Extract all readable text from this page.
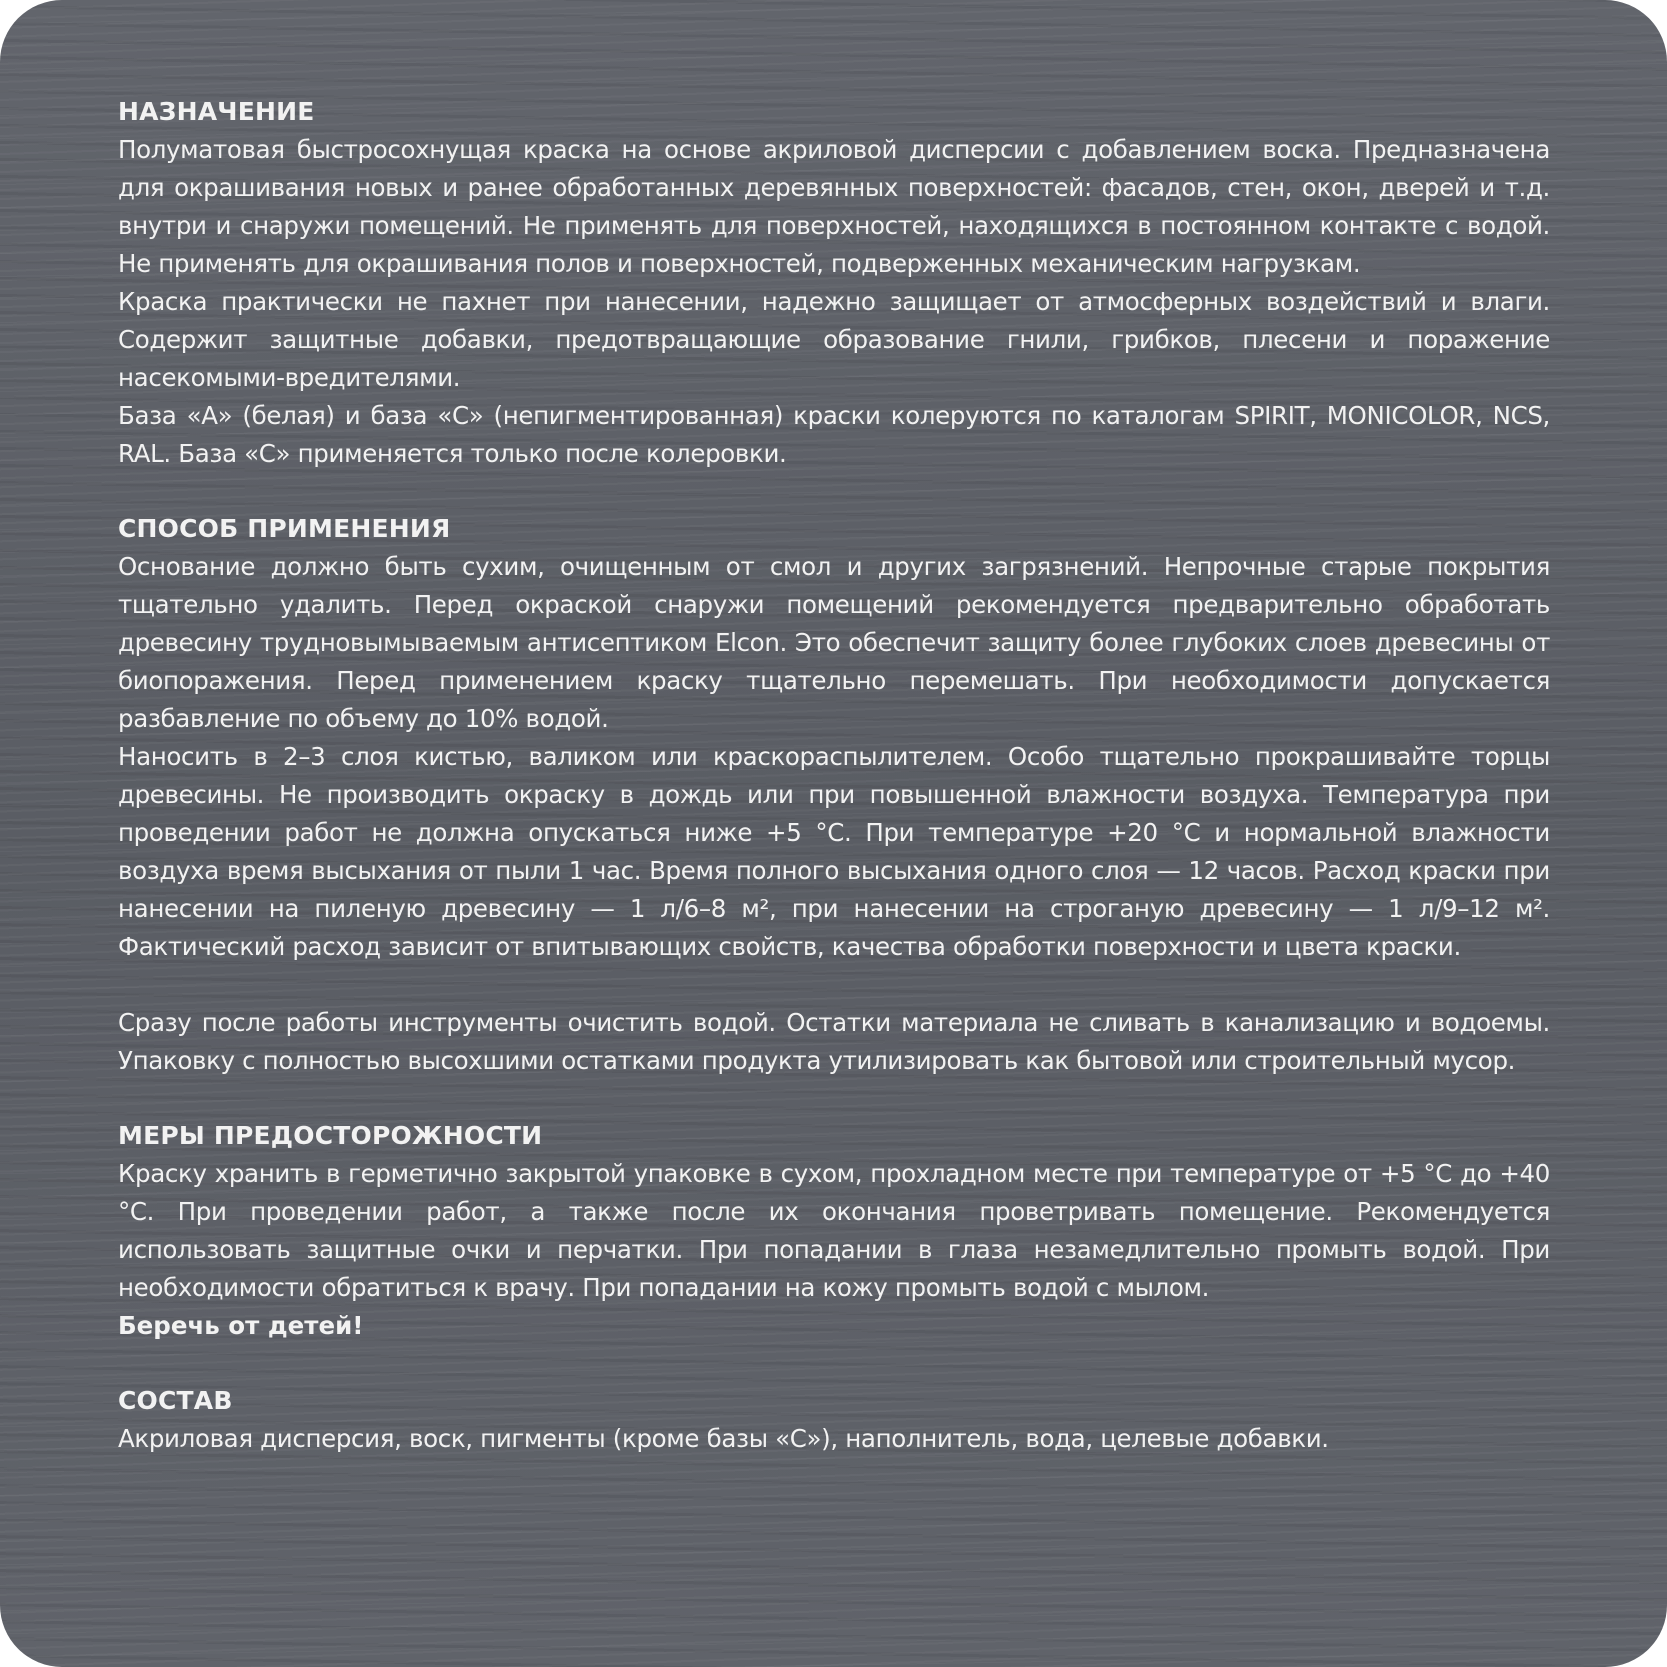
НАЗНАЧЕНИЕ

Полуматовая быстросохнущая краска на основе акриловой дисперсии с добавлением воска. Предназначена для окрашивания новых и ранее обработанных деревянных поверхностей: фасадов, стен, окон, дверей и т.д. внутри и снаружи помещений. Не применять для поверхностей, находящихся в постоянном контакте с водой. Не применять для окрашивания полов и поверхностей, подверженных механическим нагрузкам.

Краска практически не пахнет при нанесении, надежно защищает от атмосферных воздействий и влаги. Содержит защитные добавки, предотвращающие образование гнили, грибков, плесени и поражение насекомыми-вредителями.

База «А» (белая) и база «С» (непигментированная) краски колеруются по каталогам SPIRIT, MONICOLOR, NCS, RAL. База «С» применяется только после колеровки.

СПОСОБ ПРИМЕНЕНИЯ

Основание должно быть сухим, очищенным от смол и других загрязнений. Непрочные старые покрытия тщательно удалить. Перед окраской снаружи помещений рекомендуется предварительно обработать древесину трудновымываемым антисептиком Elcon. Это обеспечит защиту более глубоких слоев древесины от биопоражения. Перед применением краску тщательно перемешать. При необходимости допускается разбавление по объему до 10% водой.

Наносить в 2–3 слоя кистью, валиком или краскораспылителем. Особо тщательно прокрашивайте торцы древесины. Не производить окраску в дождь или при повышенной влажности воздуха. Температура при проведении работ не должна опускаться ниже +5 °С. При температуре +20 °С и нормальной влажности воздуха время высыхания от пыли 1 час. Время полного высыхания одного слоя — 12 часов. Расход краски при нанесении на пиленую древесину — 1 л/6–8 м², при нанесении на строганую древесину — 1 л/9–12 м². Фактический расход зависит от впитывающих свойств, качества обработки поверхности и цвета краски.

Сразу после работы инструменты очистить водой. Остатки материала не сливать в канализацию и водоемы. Упаковку с полностью высохшими остатками продукта утилизировать как бытовой или строительный мусор.

МЕРЫ ПРЕДОСТОРОЖНОСТИ

Краску хранить в герметично закрытой упаковке в сухом, прохладном месте при температуре от +5 °С до +40 °С. При проведении работ, а также после их окончания проветривать помещение. Рекомендуется использовать защитные очки и перчатки. При попадании в глаза незамедлительно промыть водой. При необходимости обратиться к врачу. При попадании на кожу промыть водой с мылом.

Беречь от детей!

СОСТАВ

Акриловая дисперсия, воск, пигменты (кроме базы «С»), наполнитель, вода, целевые добавки.
